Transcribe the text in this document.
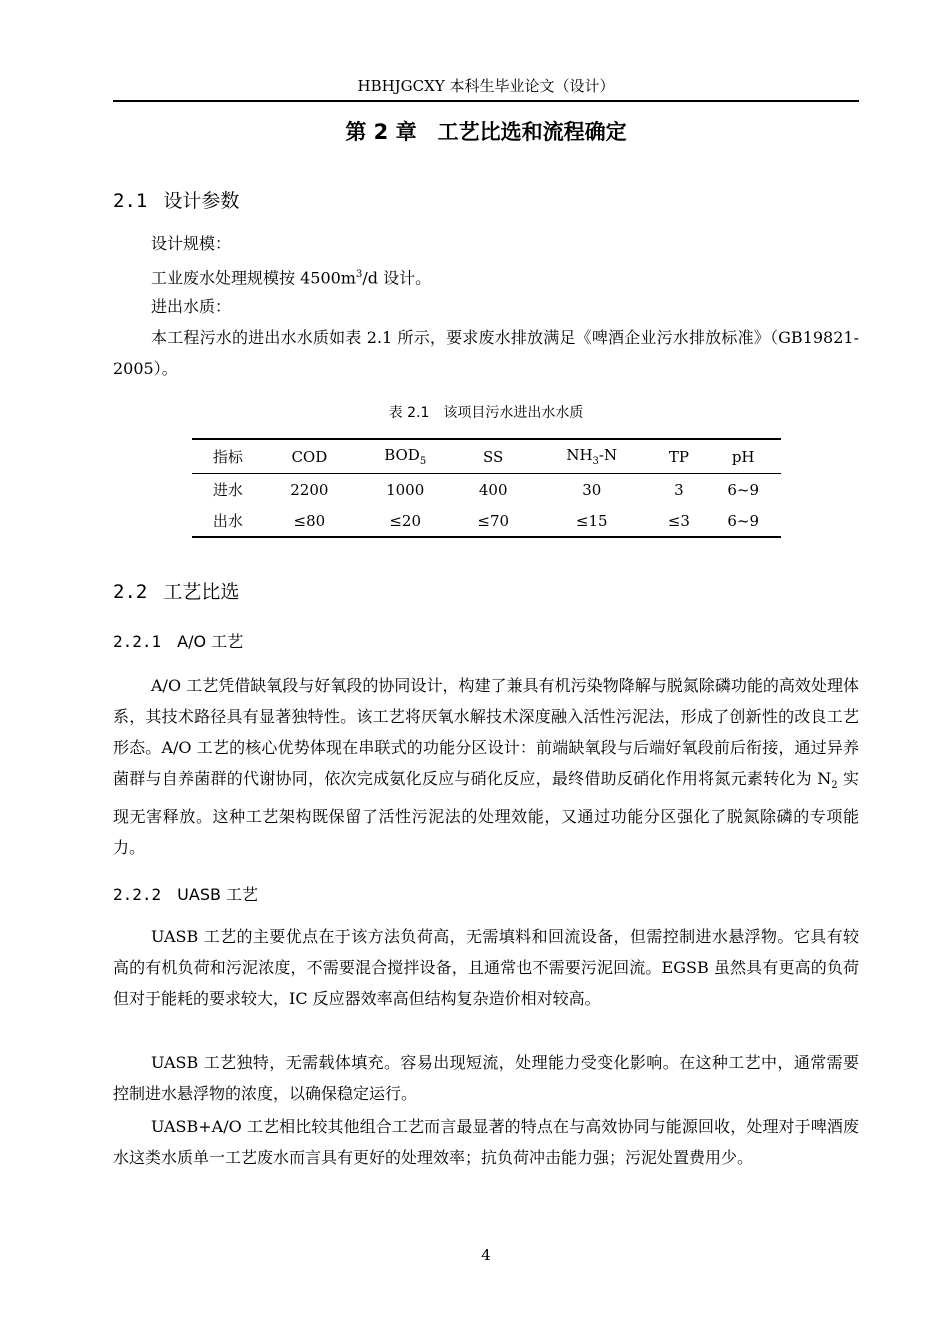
HBHJGCXY 本科生毕业论文（设计）
第 2 章　工艺比选和流程确定
2.1 设计参数
设计规模：
工业废水处理规模按 $4500m^3/d$ 设计。
进出水质：
本工程污水的进出水水质如表 2.1 所示，要求废水排放满足《啤酒企业污水排放标准》（GB19821-2005）。
表 2.1　该项目污水进出水水质
指标	COD	$BOD_5$	SS	$NH_3-N$	TP	pH
进水	2200	1000	400	30	3	6~9
出水	≤80	≤20	≤70	≤15	≤3	6~9
2.2 工艺比选
2.2.1 A/O 工艺
A/O 工艺凭借缺氧段与好氧段的协同设计，构建了兼具有机污染物降解与脱氮除磷功能的高效处理体系，其技术路径具有显著独特性。该工艺将厌氧水解技术深度融入活性污泥法，形成了创新性的改良工艺形态。A/O 工艺的核心优势体现在串联式的功能分区设计：前端缺氧段与后端好氧段前后衔接，通过异养菌群与自养菌群的代谢协同，依次完成氨化反应与硝化反应，最终借助反硝化作用将氮元素转化为 $N_2$ 实现无害释放。这种工艺架构既保留了活性污泥法的处理效能，又通过功能分区强化了脱氮除磷的专项能力。
2.2.2 UASB 工艺
UASB 工艺的主要优点在于该方法负荷高，无需填料和回流设备，但需控制进水悬浮物。它具有较高的有机负荷和污泥浓度，不需要混合搅拌设备，且通常也不需要污泥回流。EGSB 虽然具有更高的负荷但对于能耗的要求较大，IC 反应器效率高但结构复杂造价相对较高。
UASB 工艺独特，无需载体填充。容易出现短流，处理能力受变化影响。在这种工艺中，通常需要控制进水悬浮物的浓度，以确保稳定运行。
UASB+A/O 工艺相比较其他组合工艺而言最显著的特点在与高效协同与能源回收，处理对于啤酒废水这类水质单一工艺废水而言具有更好的处理效率；抗负荷冲击能力强；污泥处置费用少。
4
